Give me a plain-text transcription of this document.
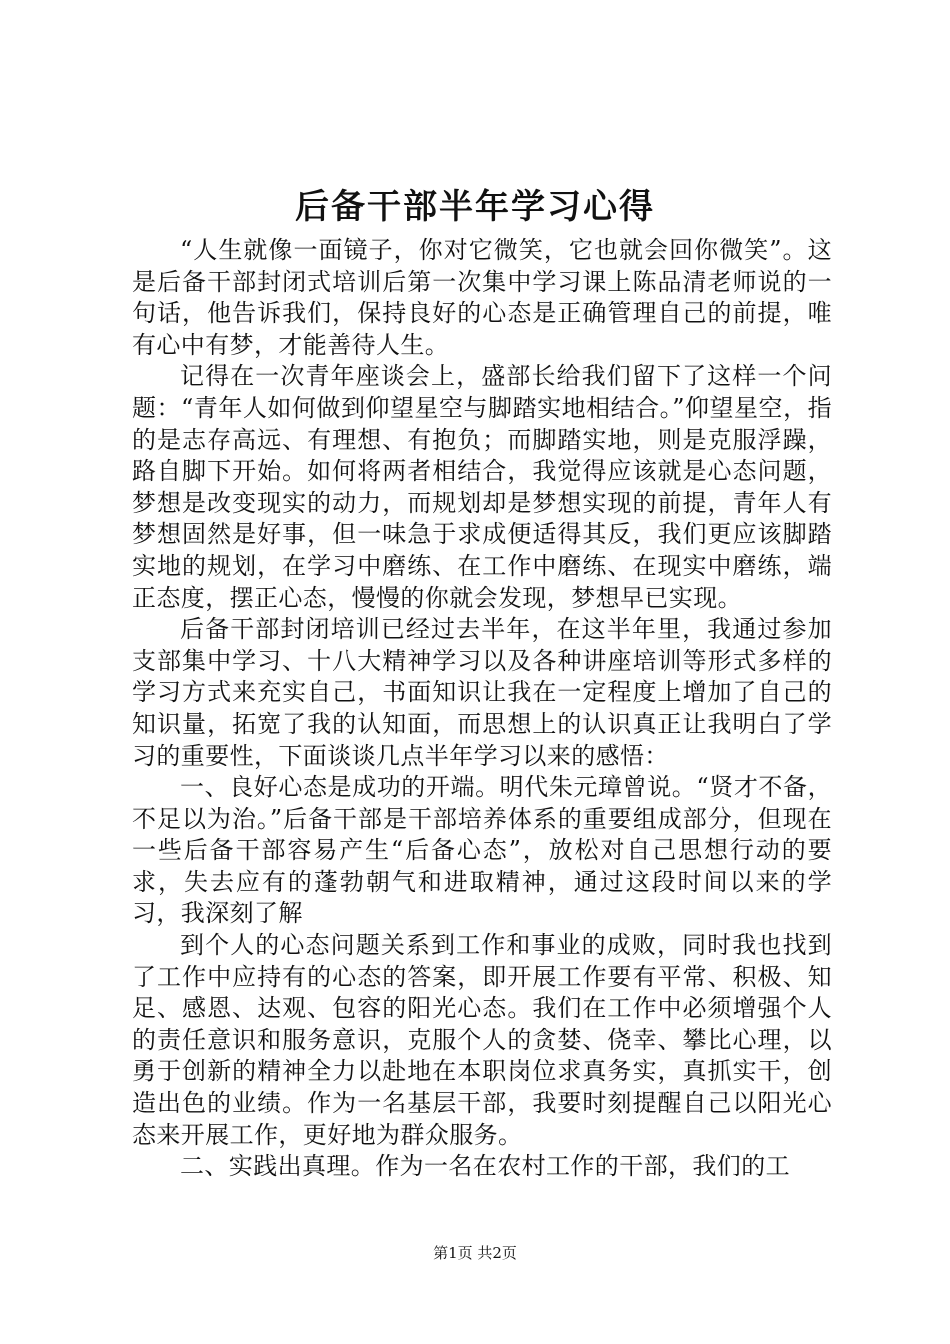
后备干部半年学习心得

“人生就像一面镜子，你对它微笑，它也就会回你微笑”。这是后备干部封闭式培训后第一次集中学习课上陈品清老师说的一句话，他告诉我们，保持良好的心态是正确管理自己的前提，唯有心中有梦，才能善待人生。

记得在一次青年座谈会上，盛部长给我们留下了这样一个问题：“青年人如何做到仰望星空与脚踏实地相结合。”仰望星空，指的是志存高远、有理想、有抱负；而脚踏实地，则是克服浮躁，路自脚下开始。如何将两者相结合，我觉得应该就是心态问题，梦想是改变现实的动力，而规划却是梦想实现的前提，青年人有梦想固然是好事，但一味急于求成便适得其反，我们更应该脚踏实地的规划，在学习中磨练、在工作中磨练、在现实中磨练，端正态度，摆正心态，慢慢的你就会发现，梦想早已实现。

后备干部封闭培训已经过去半年，在这半年里，我通过参加支部集中学习、十八大精神学习以及各种讲座培训等形式多样的学习方式来充实自己，书面知识让我在一定程度上增加了自己的知识量，拓宽了我的认知面，而思想上的认识真正让我明白了学习的重要性，下面谈谈几点半年学习以来的感悟：

一、良好心态是成功的开端。明代朱元璋曾说。“贤才不备，不足以为治。”后备干部是干部培养体系的重要组成部分，但现在一些后备干部容易产生“后备心态”，放松对自己思想行动的要求，失去应有的蓬勃朝气和进取精神，通过这段时间以来的学习，我深刻了解

到个人的心态问题关系到工作和事业的成败，同时我也找到了工作中应持有的心态的答案，即开展工作要有平常、积极、知足、感恩、达观、包容的阳光心态。我们在工作中必须增强个人的责任意识和服务意识，克服个人的贪婪、侥幸、攀比心理，以勇于创新的精神全力以赴地在本职岗位求真务实，真抓实干，创造出色的业绩。作为一名基层干部，我要时刻提醒自己以阳光心态来开展工作，更好地为群众服务。

二、实践出真理。作为一名在农村工作的干部，我们的工

第1页 共2页
